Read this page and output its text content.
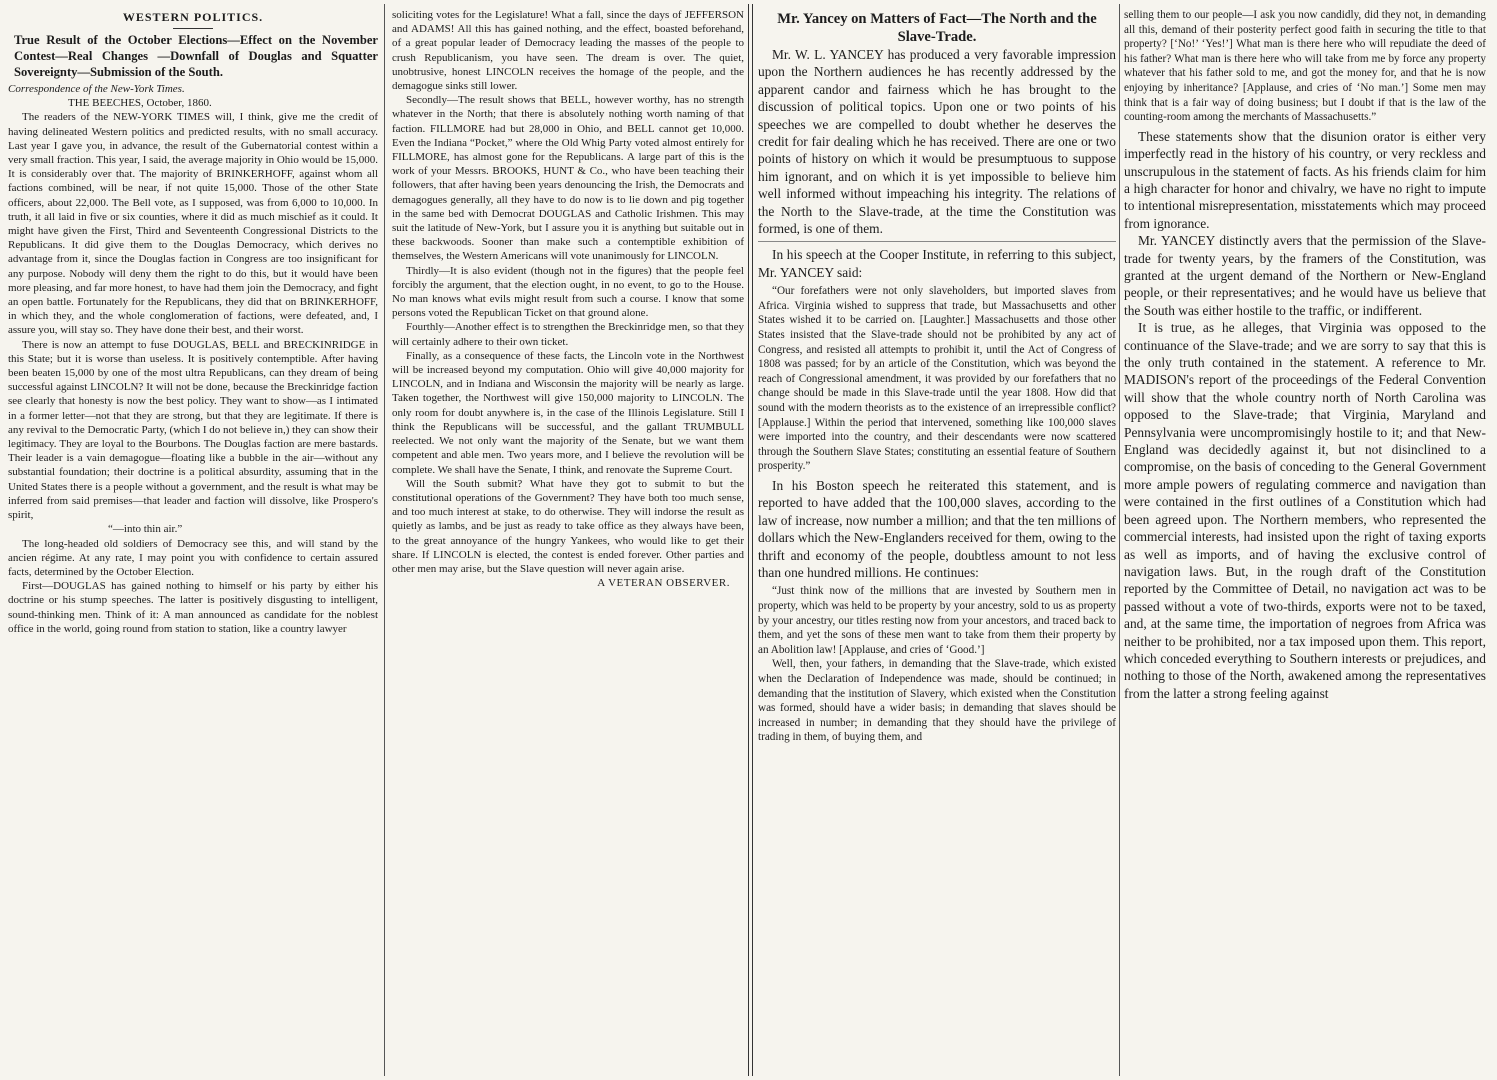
WESTERN POLITICS.

True Result of the October Elections—Effect on the November Contest—Real Changes —Downfall of Douglas and Squatter Sovereignty—Submission of the South.

Correspondence of the New-York Times.

THE BEECHES, October, 1860.

The readers of the NEW-YORK TIMES will, I think, give me the credit of having delineated Western politics and predicted results, with no small accuracy. Last year I gave you, in advance, the result of the Gubernatorial contest within a very small fraction. This year, I said, the average majority in Ohio would be 15,000. It is considerably over that. The majority of BRINKERHOFF, against whom all factions combined, will be near, if not quite 15,000. Those of the other State officers, about 22,000. The Bell vote, as I supposed, was from 6,000 to 10,000. In truth, it all laid in five or six counties, where it did as much mischief as it could. It might have given the First, Third and Seventeenth Congressional Districts to the Republicans. It did give them to the Douglas Democracy, which derives no advantage from it, since the Douglas faction in Congress are too insignificant for any purpose. Nobody will deny them the right to do this, but it would have been more pleasing, and far more honest, to have had them join the Democracy, and fight an open battle. Fortunately for the Republicans, they did that on BRINKERHOFF, in which they, and the whole conglomeration of factions, were defeated, and, I assure you, will stay so. They have done their best, and their worst.

There is now an attempt to fuse DOUGLAS, BELL and BRECKINRIDGE in this State; but it is worse than useless. It is positively contemptible. After having been beaten 15,000 by one of the most ultra Republicans, can they dream of being successful against LINCOLN? It will not be done, because the Breckinridge faction see clearly that honesty is now the best policy. They want to show—as I intimated in a former letter—not that they are strong, but that they are legitimate. If there is any revival to the Democratic Party, (which I do not believe in,) they can show their legitimacy. They are loyal to the Bourbons. The Douglas faction are mere bastards. Their leader is a vain demagogue—floating like a bubble in the air—without any substantial foundation; their doctrine is a political absurdity, assuming that in the United States there is a people without a government, and the result is what may be inferred from said premises—that leader and faction will dissolve, like Prospero's spirit,

“—into thin air.”

The long-headed old soldiers of Democracy see this, and will stand by the ancien régime. At any rate, I may point you with confidence to certain assured facts, determined by the October Election.

First—DOUGLAS has gained nothing to himself or his party by either his doctrine or his stump speeches. The latter is positively disgusting to intelligent, sound-thinking men. Think of it: A man announced as candidate for the noblest office in the world, going round from station to station, like a country lawyer

soliciting votes for the Legislature! What a fall, since the days of JEFFERSON and ADAMS! All this has gained nothing, and the effect, boasted beforehand, of a great popular leader of Democracy leading the masses of the people to crush Republicanism, you have seen. The dream is over. The quiet, unobtrusive, honest LINCOLN receives the homage of the people, and the demagogue sinks still lower.

Secondly—The result shows that BELL, however worthy, has no strength whatever in the North; that there is absolutely nothing worth naming of that faction. FILLMORE had but 28,000 in Ohio, and BELL cannot get 10,000. Even the Indiana “Pocket,” where the Old Whig Party voted almost entirely for FILLMORE, has almost gone for the Republicans. A large part of this is the work of your Messrs. BROOKS, HUNT & Co., who have been teaching their followers, that after having been years denouncing the Irish, the Democrats and demagogues generally, all they have to do now is to lie down and pig together in the same bed with Democrat DOUGLAS and Catholic Irishmen. This may suit the latitude of New-York, but I assure you it is anything but suitable out in these backwoods. Sooner than make such a contemptible exhibition of themselves, the Western Americans will vote unanimously for LINCOLN.

Thirdly—It is also evident (though not in the figures) that the people feel forcibly the argument, that the election ought, in no event, to go to the House. No man knows what evils might result from such a course. I know that some persons voted the Republican Ticket on that ground alone.

Fourthly—Another effect is to strengthen the Breckinridge men, so that they will certainly adhere to their own ticket.

Finally, as a consequence of these facts, the Lincoln vote in the Northwest will be increased beyond my computation. Ohio will give 40,000 majority for LINCOLN, and in Indiana and Wisconsin the majority will be nearly as large. Taken together, the Northwest will give 150,000 majority to LINCOLN. The only room for doubt anywhere is, in the case of the Illinois Legislature. Still I think the Republicans will be successful, and the gallant TRUMBULL reelected. We not only want the majority of the Senate, but we want them competent and able men. Two years more, and I believe the revolution will be complete. We shall have the Senate, I think, and renovate the Supreme Court.

Will the South submit? What have they got to submit to but the constitutional operations of the Government? They have both too much sense, and too much interest at stake, to do otherwise. They will indorse the result as quietly as lambs, and be just as ready to take office as they always have been, to the great annoyance of the hungry Yankees, who would like to get their share. If LINCOLN is elected, the contest is ended forever. Other parties and other men may arise, but the Slave question will never again arise.

A VETERAN OBSERVER.

Mr. Yancey on Matters of Fact—The North and the Slave-Trade.

Mr. W. L. YANCEY has produced a very favorable impression upon the Northern audiences he has recently addressed by the apparent candor and fairness which he has brought to the discussion of political topics. Upon one or two points of his speeches we are compelled to doubt whether he deserves the credit for fair dealing which he has received. There are one or two points of history on which it would be presumptuous to suppose him ignorant, and on which it is yet impossible to believe him well informed without impeaching his integrity. The relations of the North to the Slave-trade, at the time the Constitution was formed, is one of them.

In his speech at the Cooper Institute, in referring to this subject, Mr. YANCEY said:

“Our forefathers were not only slaveholders, but imported slaves from Africa. Virginia wished to suppress that trade, but Massachusetts and other States wished it to be carried on. [Laughter.] Massachusetts and those other States insisted that the Slave-trade should not be prohibited by any act of Congress, and resisted all attempts to prohibit it, until the Act of Congress of 1808 was passed; for by an article of the Constitution, which was beyond the reach of Congressional amendment, it was provided by our forefathers that no change should be made in this Slave-trade until the year 1808. How did that sound with the modern theorists as to the existence of an irrepressible conflict? [Applause.] Within the period that intervened, something like 100,000 slaves were imported into the country, and their descendants were now scattered through the Southern Slave States; constituting an essential feature of Southern prosperity.”

In his Boston speech he reiterated this statement, and is reported to have added that the 100,000 slaves, according to the law of increase, now number a million; and that the ten millions of dollars which the New-Englanders received for them, owing to the thrift and economy of the people, doubtless amount to not less than one hundred millions. He continues:

“Just think now of the millions that are invested by Southern men in property, which was held to be property by your ancestry, sold to us as property by your ancestry, our titles resting now from your ancestors, and traced back to them, and yet the sons of these men want to take from them their property by an Abolition law! [Applause, and cries of ‘Good.’]

Well, then, your fathers, in demanding that the Slave-trade, which existed when the Declaration of Independence was made, should be continued; in demanding that the institution of Slavery, which existed when the Constitution was formed, should have a wider basis; in demanding that slaves should be increased in number; in demanding that they should have the privilege of trading in them, of buying them, and

selling them to our people—I ask you now candidly, did they not, in demanding all this, demand of their posterity perfect good faith in securing the title to that property? [‘No!’ ‘Yes!’] What man is there here who will repudiate the deed of his father? What man is there here who will take from me by force any property whatever that his father sold to me, and got the money for, and that he is now enjoying by inheritance? [Applause, and cries of ‘No man.’] Some men may think that is a fair way of doing business; but I doubt if that is the law of the counting-room among the merchants of Massachusetts.”

These statements show that the disunion orator is either very imperfectly read in the history of his country, or very reckless and unscrupulous in the statement of facts. As his friends claim for him a high character for honor and chivalry, we have no right to impute to intentional misrepresentation, misstatements which may proceed from ignorance.

Mr. YANCEY distinctly avers that the permission of the Slave-trade for twenty years, by the framers of the Constitution, was granted at the urgent demand of the Northern or New-England people, or their representatives; and he would have us believe that the South was either hostile to the traffic, or indifferent.

It is true, as he alleges, that Virginia was opposed to the continuance of the Slave-trade; and we are sorry to say that this is the only truth contained in the statement. A reference to Mr. MADISON's report of the proceedings of the Federal Convention will show that the whole country north of North Carolina was opposed to the Slave-trade; that Virginia, Maryland and Pennsylvania were uncompromisingly hostile to it; and that New-England was decidedly against it, but not disinclined to a compromise, on the basis of conceding to the General Government more ample powers of regulating commerce and navigation than were contained in the first outlines of a Constitution which had been agreed upon. The Northern members, who represented the commercial interests, had insisted upon the right of taxing exports as well as imports, and of having the exclusive control of navigation laws. But, in the rough draft of the Constitution reported by the Committee of Detail, no navigation act was to be passed without a vote of two-thirds, exports were not to be taxed, and, at the same time, the importation of negroes from Africa was neither to be prohibited, nor a tax imposed upon them. This report, which conceded everything to Southern interests or prejudices, and nothing to those of the North, awakened among the representatives from the latter a strong feeling against
